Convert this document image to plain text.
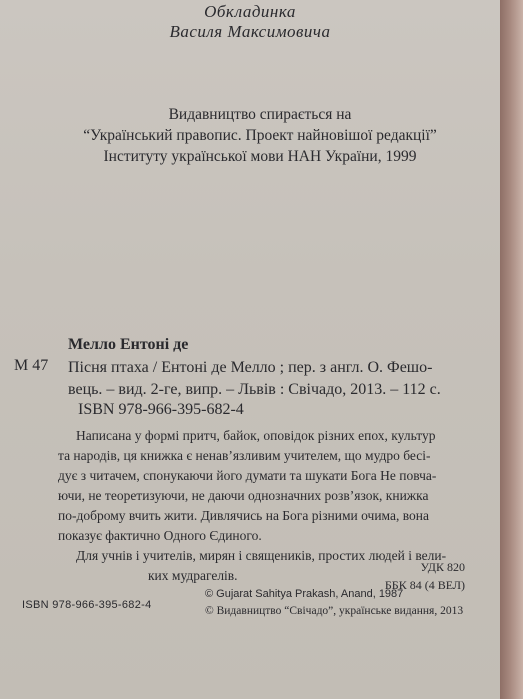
Обкладинка
Василя Максимовича
Видавництво спирається на
“Український правопис. Проект найновішої редакції”
Інституту української мови НАН України, 1999
Мелло Ентоні де
М 47 Пісня птаха / Ентоні де Мелло ; пер. з англ. О. Фешо-
вець. – вид. 2-ге, випр. – Львів : Свічадо, 2013. – 112 с.
ISBN 978-966-395-682-4
Написана у формі притч, байок, оповідок різних епох, культур
та народів, ця книжка є ненав’язливим учителем, що мудро бесі-
дує з читачем, спонукаючи його думати та шукати Бога Не повча-
ючи, не теоретизуючи, не даючи однозначних розв’язок, книжка
по-доброму вчить жити. Дивлячись на Бога різними очима, вона
показує фактично Одного Єдиного.
Для учнів і учителів, мирян і священиків, простих людей і вели-
ких мудрагелів.
УДК 820
ББК 84 (4 ВЕЛ)
ISBN 978-966-395-682-4
© Gujarat Sahitya Prakash, Anand, 1987
© Видавництво “Свічадо”, українське видання, 2013
